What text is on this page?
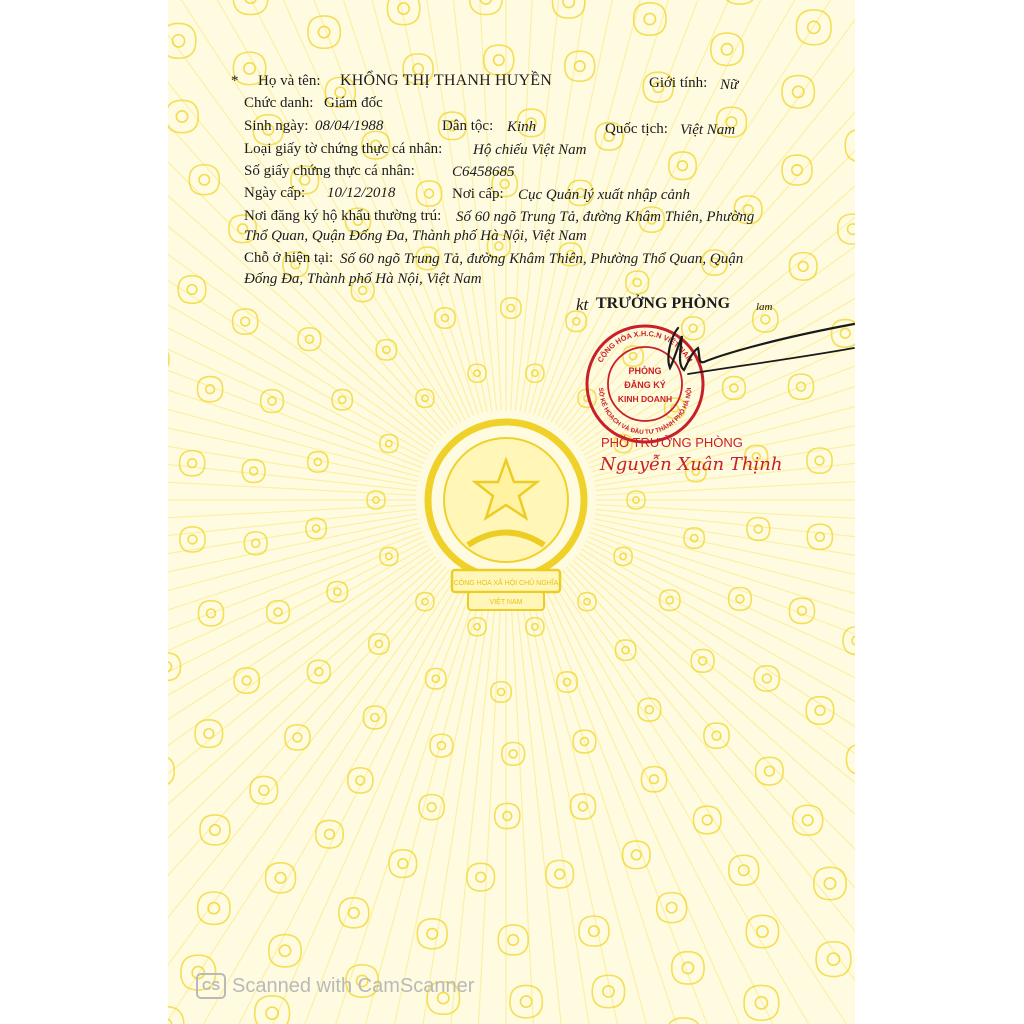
CỘNG HÒA XÃ HỘI CHỦ NGHĨA
VIỆT NAM
* Họ và tên: KHỔNG THỊ THANH HUYỀN	Giới tính: Nữ
Chức danh: Giám đốc
Sinh ngày: 08/04/1988	Dân tộc: Kinh	Quốc tịch: Việt Nam
Loại giấy tờ chứng thực cá nhân: Hộ chiếu Việt Nam
Số giấy chứng thực cá nhân: C6458685
Ngày cấp: 10/12/2018	Nơi cấp: Cục Quản lý xuất nhập cảnh
Nơi đăng ký hộ khẩu thường trú: Số 60 ngõ Trung Tả, đường Khâm Thiên, Phường
Thổ Quan, Quận Đống Đa, Thành phố Hà Nội, Việt Nam
Chỗ ở hiện tại: Số 60 ngõ Trung Tả, đường Khâm Thiên, Phường Thổ Quan, Quận
Đống Đa, Thành phố Hà Nội, Việt Nam
kt TRƯỞNG PHÒNG lam
CỘNG HÒA X.H.C.N VIỆT NAM
SỞ KẾ HOẠCH VÀ ĐẦU TƯ THÀNH PHỐ HÀ NỘI
PHÒNG
ĐĂNG KÝ
KINH DOANH
PHÓ TRƯỞNG PHÒNG
Nguyễn Xuân Thịnh
CS Scanned with CamScanner
